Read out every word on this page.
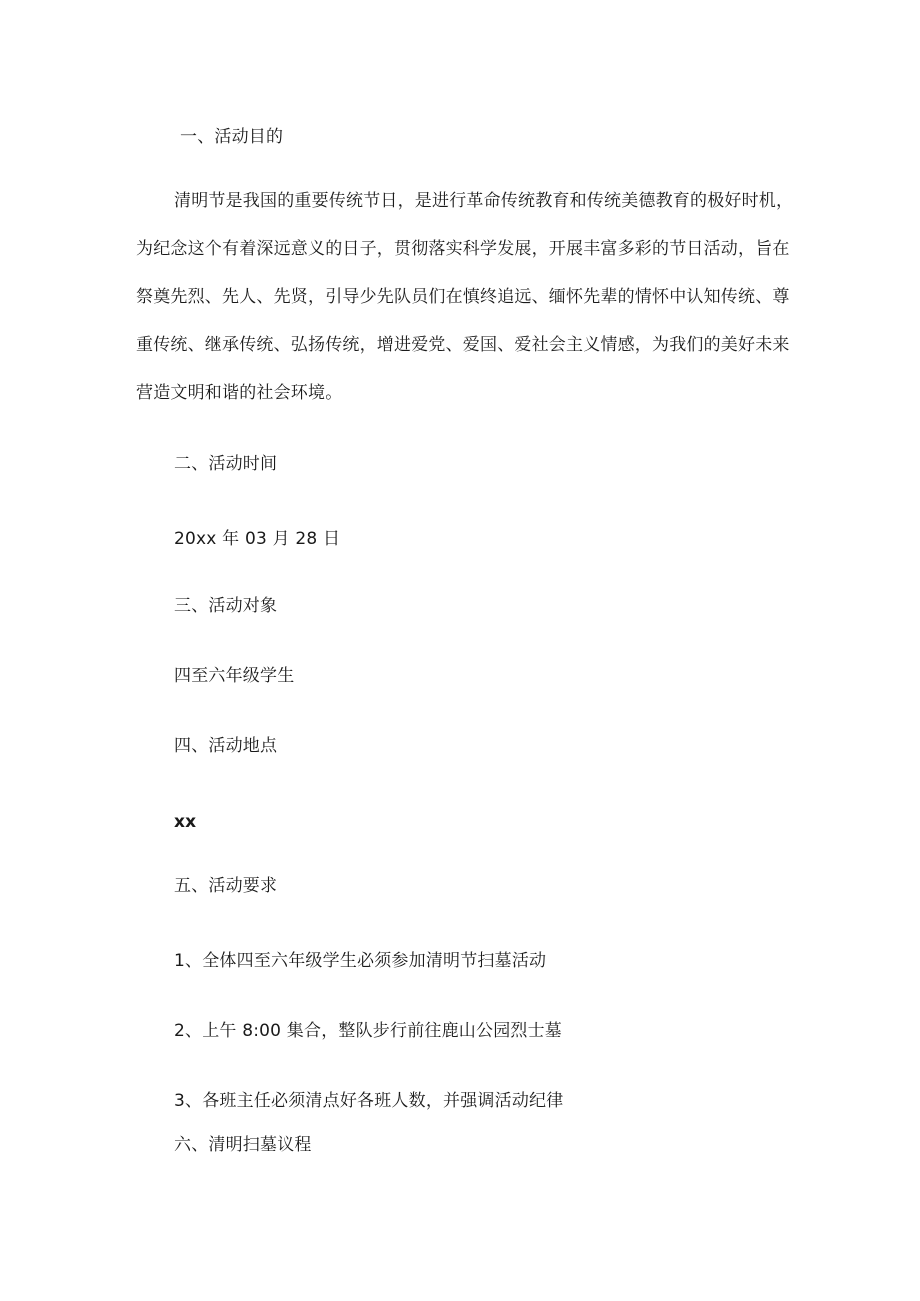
一、活动目的

清明节是我国的重要传统节日，是进行革命传统教育和传统美德教育的极好时机，

为纪念这个有着深远意义的日子，贯彻落实科学发展，开展丰富多彩的节日活动，旨在

祭奠先烈、先人、先贤，引导少先队员们在慎终追远、缅怀先辈的情怀中认知传统、尊

重传统、继承传统、弘扬传统，增进爱党、爱国、爱社会主义情感，为我们的美好未来

营造文明和谐的社会环境。

二、活动时间

20xx 年 03 月 28 日

三、活动对象

四至六年级学生

四、活动地点

xx

五、活动要求

1、全体四至六年级学生必须参加清明节扫墓活动

2、上午 8:00 集合，整队步行前往鹿山公园烈士墓

3、各班主任必须清点好各班人数，并强调活动纪律

六、清明扫墓议程
